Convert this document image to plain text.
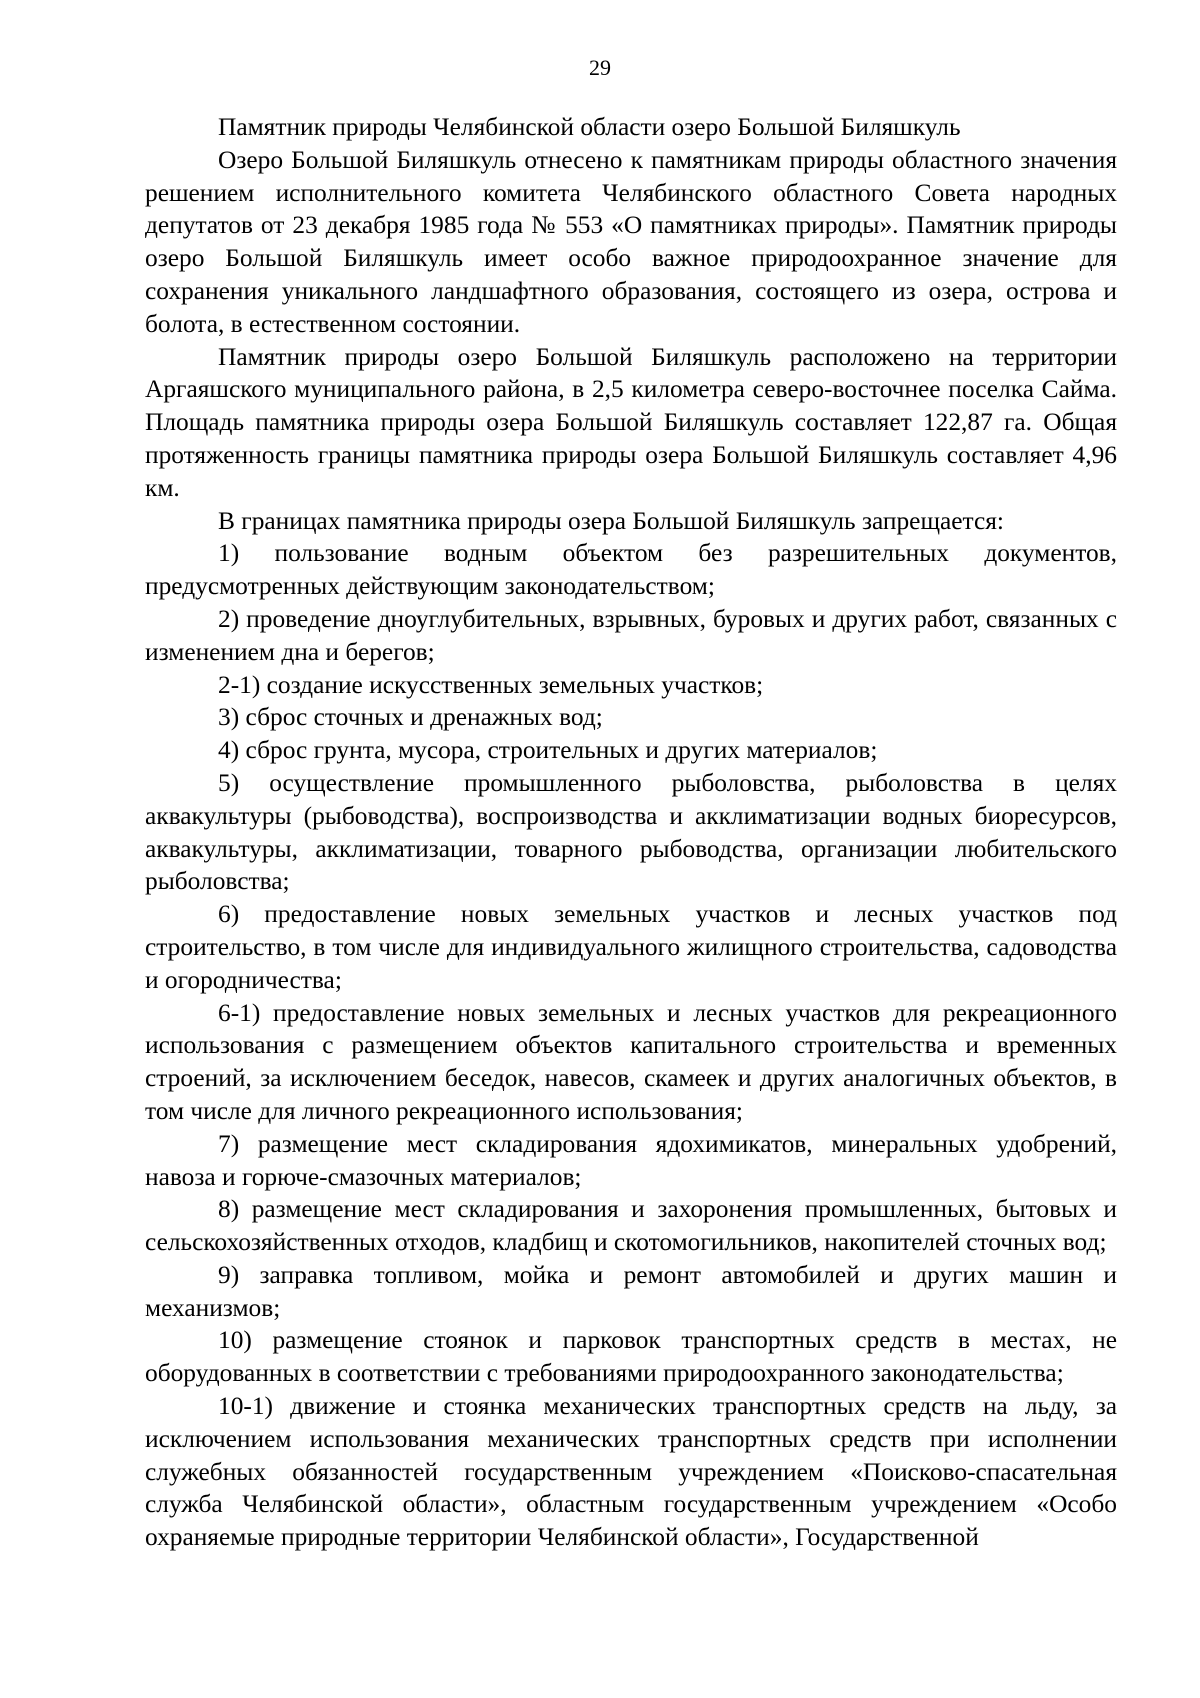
29

Памятник природы Челябинской области озеро Большой Биляшкуль

Озеро Большой Биляшкуль отнесено к памятникам природы областного значения решением исполнительного комитета Челябинского областного Совета народных депутатов от 23 декабря 1985 года № 553 «О памятниках природы». Памятник природы озеро Большой Биляшкуль имеет особо важное природоохранное значение для сохранения уникального ландшафтного образования, состоящего из озера, острова и болота, в естественном состоянии.

Памятник природы озеро Большой Биляшкуль расположено на территории Аргаяшского муниципального района, в 2,5 километра северо-восточнее поселка Сайма. Площадь памятника природы озера Большой Биляшкуль составляет 122,87 га. Общая протяженность границы памятника природы озера Большой Биляшкуль составляет 4,96 км.

В границах памятника природы озера Большой Биляшкуль запрещается:

1) пользование водным объектом без разрешительных документов, предусмотренных действующим законодательством;

2) проведение дноуглубительных, взрывных, буровых и других работ, связанных с изменением дна и берегов;

2-1) создание искусственных земельных участков;

3) сброс сточных и дренажных вод;

4) сброс грунта, мусора, строительных и других материалов;

5) осуществление промышленного рыболовства, рыболовства в целях аквакультуры (рыбоводства), воспроизводства и акклиматизации водных биоресурсов, аквакультуры, акклиматизации, товарного рыбоводства, организации любительского рыболовства;

6) предоставление новых земельных участков и лесных участков под строительство, в том числе для индивидуального жилищного строительства, садоводства и огородничества;

6-1) предоставление новых земельных и лесных участков для рекреационного использования с размещением объектов капитального строительства и временных строений, за исключением беседок, навесов, скамеек и других аналогичных объектов, в том числе для личного рекреационного использования;

7) размещение мест складирования ядохимикатов, минеральных удобрений, навоза и горюче-смазочных материалов;

8) размещение мест складирования и захоронения промышленных, бытовых и сельскохозяйственных отходов, кладбищ и скотомогильников, накопителей сточных вод;

9) заправка топливом, мойка и ремонт автомобилей и других машин и механизмов;

10) размещение стоянок и парковок транспортных средств в местах, не оборудованных в соответствии с требованиями природоохранного законодательства;

10-1) движение и стоянка механических транспортных средств на льду, за исключением использования механических транспортных средств при исполнении служебных обязанностей государственным учреждением «Поисково-спасательная служба Челябинской области», областным государственным учреждением «Особо охраняемые природные территории Челябинской области», Государственной
